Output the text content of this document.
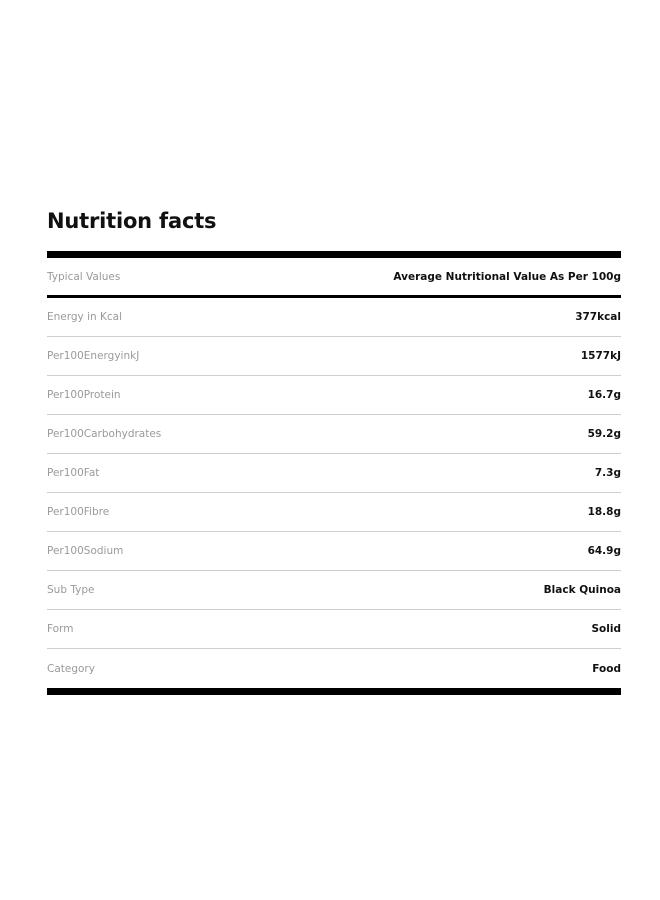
Nutrition facts
Typical Values	Average Nutritional Value As Per 100g
Energy in Kcal	377kcal
Per100EnergyinkJ	1577kJ
Per100Protein	16.7g
Per100Carbohydrates	59.2g
Per100Fat	7.3g
Per100Fibre	18.8g
Per100Sodium	64.9g
Sub Type	Black Quinoa
Form	Solid
Category	Food
